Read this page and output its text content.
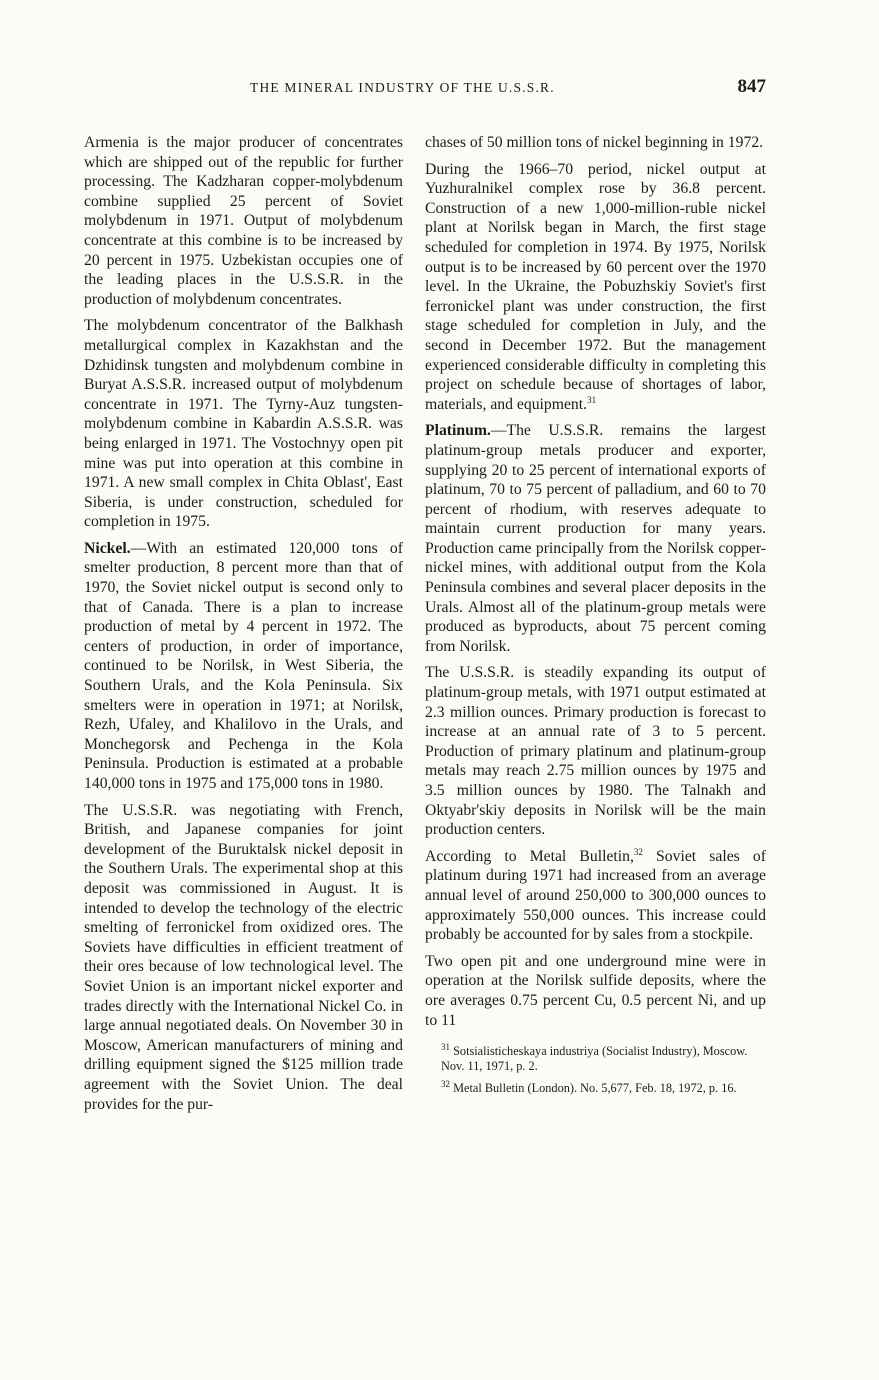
THE MINERAL INDUSTRY OF THE U.S.S.R.	847

Armenia is the major producer of concentrates which are shipped out of the republic for further processing. The Kadzharan copper-molybdenum combine supplied 25 percent of Soviet molybdenum in 1971. Output of molybdenum concentrate at this combine is to be increased by 20 percent in 1975. Uzbekistan occupies one of the leading places in the U.S.S.R. in the production of molybdenum concentrates.

The molybdenum concentrator of the Balkhash metallurgical complex in Kazakhstan and the Dzhidinsk tungsten and molybdenum combine in Buryat A.S.S.R. increased output of molybdenum concentrate in 1971. The Tyrny-Auz tungsten-molybdenum combine in Kabardin A.S.S.R. was being enlarged in 1971. The Vostochnyy open pit mine was put into operation at this combine in 1971. A new small complex in Chita Oblast', East Siberia, is under construction, scheduled for completion in 1975.

Nickel.—With an estimated 120,000 tons of smelter production, 8 percent more than that of 1970, the Soviet nickel output is second only to that of Canada. There is a plan to increase production of metal by 4 percent in 1972. The centers of production, in order of importance, continued to be Norilsk, in West Siberia, the Southern Urals, and the Kola Peninsula. Six smelters were in operation in 1971; at Norilsk, Rezh, Ufaley, and Khalilovo in the Urals, and Monchegorsk and Pechenga in the Kola Peninsula. Production is estimated at a probable 140,000 tons in 1975 and 175,000 tons in 1980.

The U.S.S.R. was negotiating with French, British, and Japanese companies for joint development of the Buruktalsk nickel deposit in the Southern Urals. The experimental shop at this deposit was commissioned in August. It is intended to develop the technology of the electric smelting of ferronickel from oxidized ores. The Soviets have difficulties in efficient treatment of their ores because of low technological level. The Soviet Union is an important nickel exporter and trades directly with the International Nickel Co. in large annual negotiated deals. On November 30 in Moscow, American manufacturers of mining and drilling equipment signed the $125 million trade agreement with the Soviet Union. The deal provides for the pur-

chases of 50 million tons of nickel beginning in 1972.

During the 1966–70 period, nickel output at Yuzhuralnikel complex rose by 36.8 percent. Construction of a new 1,000-million-ruble nickel plant at Norilsk began in March, the first stage scheduled for completion in 1974. By 1975, Norilsk output is to be increased by 60 percent over the 1970 level. In the Ukraine, the Pobuzhskiy Soviet's first ferronickel plant was under construction, the first stage scheduled for completion in July, and the second in December 1972. But the management experienced considerable difficulty in completing this project on schedule because of shortages of labor, materials, and equipment.$^{31}$

Platinum.—The U.S.S.R. remains the largest platinum-group metals producer and exporter, supplying 20 to 25 percent of international exports of platinum, 70 to 75 percent of palladium, and 60 to 70 percent of rhodium, with reserves adequate to maintain current production for many years. Production came principally from the Norilsk copper-nickel mines, with additional output from the Kola Peninsula combines and several placer deposits in the Urals. Almost all of the platinum-group metals were produced as byproducts, about 75 percent coming from Norilsk.

The U.S.S.R. is steadily expanding its output of platinum-group metals, with 1971 output estimated at 2.3 million ounces. Primary production is forecast to increase at an annual rate of 3 to 5 percent. Production of primary platinum and platinum-group metals may reach 2.75 million ounces by 1975 and 3.5 million ounces by 1980. The Talnakh and Oktyabr'skiy deposits in Norilsk will be the main production centers.

According to Metal Bulletin,$^{32}$ Soviet sales of platinum during 1971 had increased from an average annual level of around 250,000 to 300,000 ounces to approximately 550,000 ounces. This increase could probably be accounted for by sales from a stockpile.

Two open pit and one underground mine were in operation at the Norilsk sulfide deposits, where the ore averages 0.75 percent Cu, 0.5 percent Ni, and up to 11

$^{31}$ Sotsialisticheskaya industriya (Socialist Industry), Moscow. Nov. 11, 1971, p. 2.

$^{32}$ Metal Bulletin (London). No. 5,677, Feb. 18, 1972, p. 16.
